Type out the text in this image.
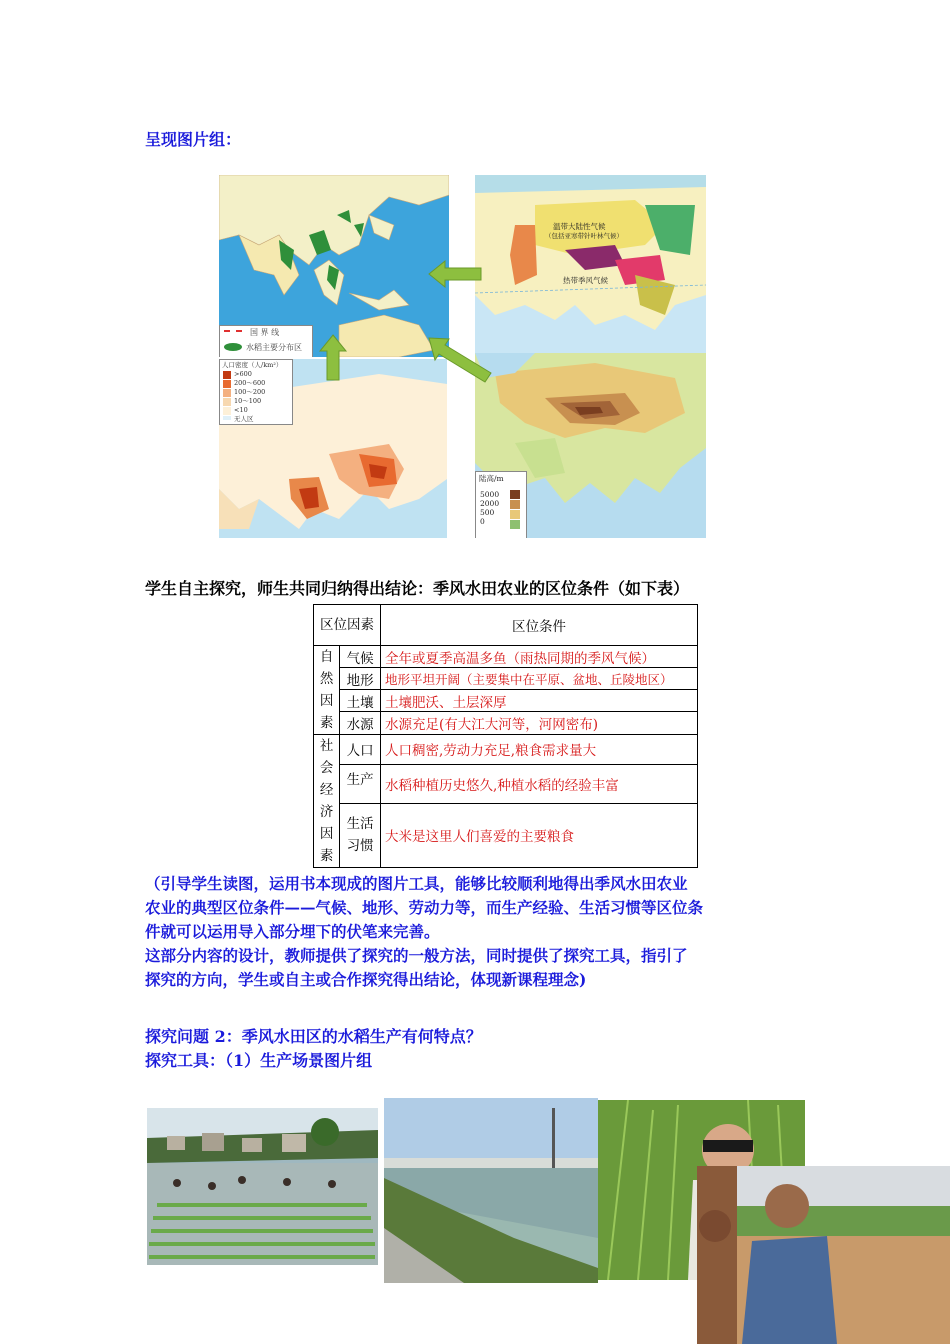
呈现图片组：
国 界 线
水稻主要分布区
温带大陆性气候
（包括亚寒带针叶林气候）
热带季风气候
人口密度（人/km²）
>600
200～600
100～200
10～100
<10
无人区
陆高/m
5000
2000
500
0
学生自主探究，师生共同归纳得出结论：季风水田农业的区位条件（如下表）
区位因素		区位条件
自然因素	气候	全年或夏季高温多鱼（雨热同期的季风气候）
	地形	地形平坦开阔（主要集中在平原、盆地、丘陵地区）
	土壤	土壤肥沃、土层深厚
	水源	水源充足(有大江大河等，河网密布)
社会经济因素	人口	人口稠密,劳动力充足,粮食需求量大
	生产	水稻种植历史悠久,种植水稻的经验丰富
	生活习惯	大米是这里人们喜爱的主要粮食

（引导学生读图，运用书本现成的图片工具，能够比较顺利地得出季风水田农业

农业的典型区位条件——气候、地形、劳动力等，而生产经验、生活习惯等区位条

件就可以运用导入部分埋下的伏笔来完善。

这部分内容的设计，教师提供了探究的一般方法，同时提供了探究工具，指引了

探究的方向，学生或自主或合作探究得出结论，体现新课程理念)

探究问题 2：季风水田区的水稻生产有何特点？
探究工具：（1）生产场景图片组
